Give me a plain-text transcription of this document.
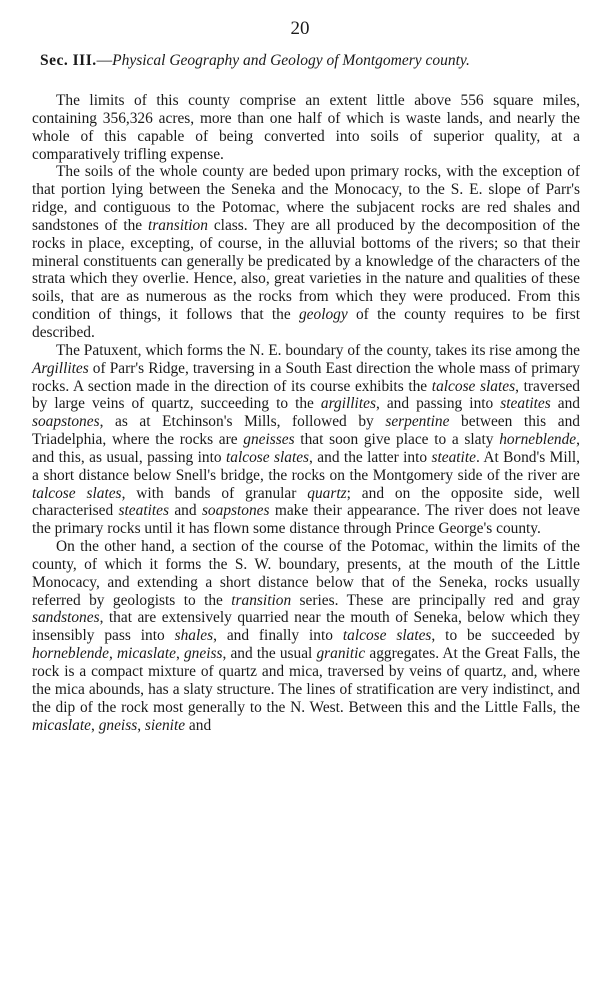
20
Sec. III.—Physical Geography and Geology of Montgomery county.

The limits of this county comprise an extent little above 556 square miles, containing 356,326 acres, more than one half of which is waste lands, and nearly the whole of this capable of being converted into soils of superior quality, at a comparatively trifling expense.

The soils of the whole county are beded upon primary rocks, with the exception of that portion lying between the Seneka and the Monocacy, to the S. E. slope of Parr's ridge, and contiguous to the Potomac, where the subjacent rocks are red shales and sandstones of the transition class. They are all produced by the decomposition of the rocks in place, excepting, of course, in the alluvial bottoms of the rivers; so that their mineral constituents can generally be predicated by a knowledge of the characters of the strata which they overlie. Hence, also, great varieties in the nature and qualities of these soils, that are as numerous as the rocks from which they were produced. From this condition of things, it follows that the geology of the county requires to be first described.

The Patuxent, which forms the N. E. boundary of the county, takes its rise among the Argillites of Parr's Ridge, traversing in a South East direction the whole mass of primary rocks. A section made in the direction of its course exhibits the talcose slates, traversed by large veins of quartz, succeeding to the argillites, and passing into steatites and soapstones, as at Etchinson's Mills, followed by serpentine between this and Triadelphia, where the rocks are gneisses that soon give place to a slaty horneblende, and this, as usual, passing into talcose slates, and the latter into steatite. At Bond's Mill, a short distance below Snell's bridge, the rocks on the Montgomery side of the river are talcose slates, with bands of granular quartz; and on the opposite side, well characterised steatites and soapstones make their appearance. The river does not leave the primary rocks until it has flown some distance through Prince George's county.

On the other hand, a section of the course of the Potomac, within the limits of the county, of which it forms the S. W. boundary, presents, at the mouth of the Little Monocacy, and extending a short distance below that of the Seneka, rocks usually referred by geologists to the transition series. These are principally red and gray sandstones, that are extensively quarried near the mouth of Seneka, below which they insensibly pass into shales, and finally into talcose slates, to be succeeded by horneblende, micaslate, gneiss, and the usual granitic aggregates. At the Great Falls, the rock is a compact mixture of quartz and mica, traversed by veins of quartz, and, where the mica abounds, has a slaty structure. The lines of stratification are very indistinct, and the dip of the rock most generally to the N. West. Between this and the Little Falls, the micaslate, gneiss, sienite and
